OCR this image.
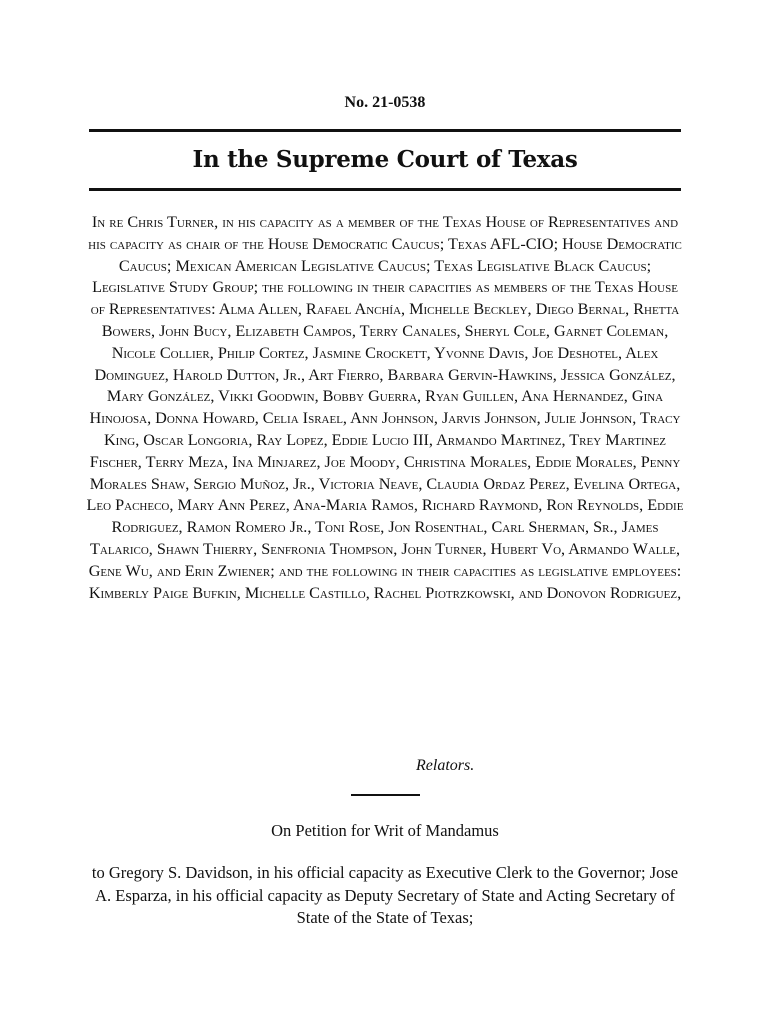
No. 21-0538
In the Supreme Court of Texas
In re Chris Turner, in his capacity as a member of the Texas House of Representatives and his capacity as chair of the House Democratic Caucus; Texas AFL-CIO; House Democratic Caucus; Mexican American Legislative Caucus; Texas Legislative Black Caucus; Legislative Study Group; the following in their capacities as members of the Texas House of Representatives: Alma Allen, Rafael Anchía, Michelle Beckley, Diego Bernal, Rhetta Bowers, John Bucy, Elizabeth Campos, Terry Canales, Sheryl Cole, Garnet Coleman, Nicole Collier, Philip Cortez, Jasmine Crockett, Yvonne Davis, Joe Deshotel, Alex Dominguez, Harold Dutton, Jr., Art Fierro, Barbara Gervin-Hawkins, Jessica González, Mary González, Vikki Goodwin, Bobby Guerra, Ryan Guillen, Ana Hernandez, Gina Hinojosa, Donna Howard, Celia Israel, Ann Johnson, Jarvis Johnson, Julie Johnson, Tracy King, Oscar Longoria, Ray Lopez, Eddie Lucio III, Armando Martinez, Trey Martinez Fischer, Terry Meza, Ina Minjarez, Joe Moody, Christina Morales, Eddie Morales, Penny Morales Shaw, Sergio Muñoz, Jr., Victoria Neave, Claudia Ordaz Perez, Evelina Ortega, Leo Pacheco, Mary Ann Perez, Ana-Maria Ramos, Richard Raymond, Ron Reynolds, Eddie Rodriguez, Ramon Romero Jr., Toni Rose, Jon Rosenthal, Carl Sherman, Sr., James Talarico, Shawn Thierry, Senfronia Thompson, John Turner, Hubert Vo, Armando Walle, Gene Wu, and Erin Zwiener; and the following in their capacities as legislative employees: Kimberly Paige Bufkin, Michelle Castillo, Rachel Piotrzkowski, and Donovon Rodriguez,
Relators.
On Petition for Writ of Mandamus
to Gregory S. Davidson, in his official capacity as Executive Clerk to the Governor; Jose A. Esparza, in his official capacity as Deputy Secretary of State and Acting Secretary of State of the State of Texas;
